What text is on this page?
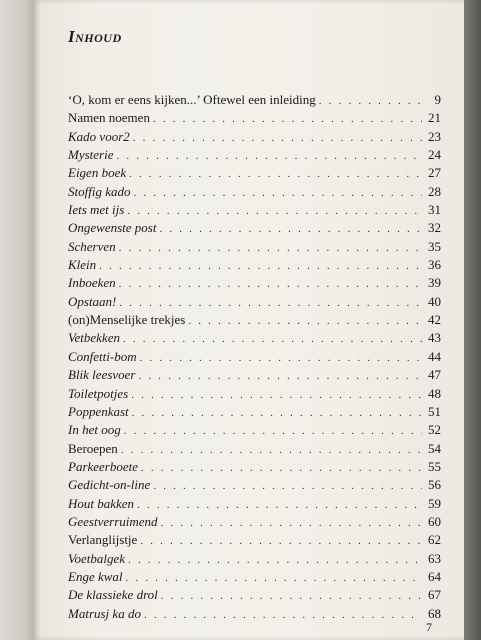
Inhoud
‘O, kom er eens kijken...’ Oftewel een inleiding . . .	9
Namen noemen . . .	21
Kado voor2 . . .	23
Mysterie . . .	24
Eigen boek . . .	27
Stoffig kado . . .	28
Iets met ijs . . .	31
Ongewenste post . . .	32
Scherven . . .	35
Klein . . .	36
Inboeken . . .	39
Opstaan! . . .	40
(on)Menselijke trekjes . . .	42
Vetbekken . . .	43
Confetti-bom . . .	44
Blik leesvoer . . .	47
Toiletpotjes . . .	48
Poppenkast . . .	51
In het oog . . .	52
Beroepen . . .	54
Parkeerboete . . .	55
Gedicht-on-line . . .	56
Hout bakken . . .	59
Geestverruimend . . .	60
Verlanglijstje . . .	62
Voetbalgek . . .	63
Enge kwal . . .	64
De klassieke drol . . .	67
Matrusj ka do . . .	68
7
